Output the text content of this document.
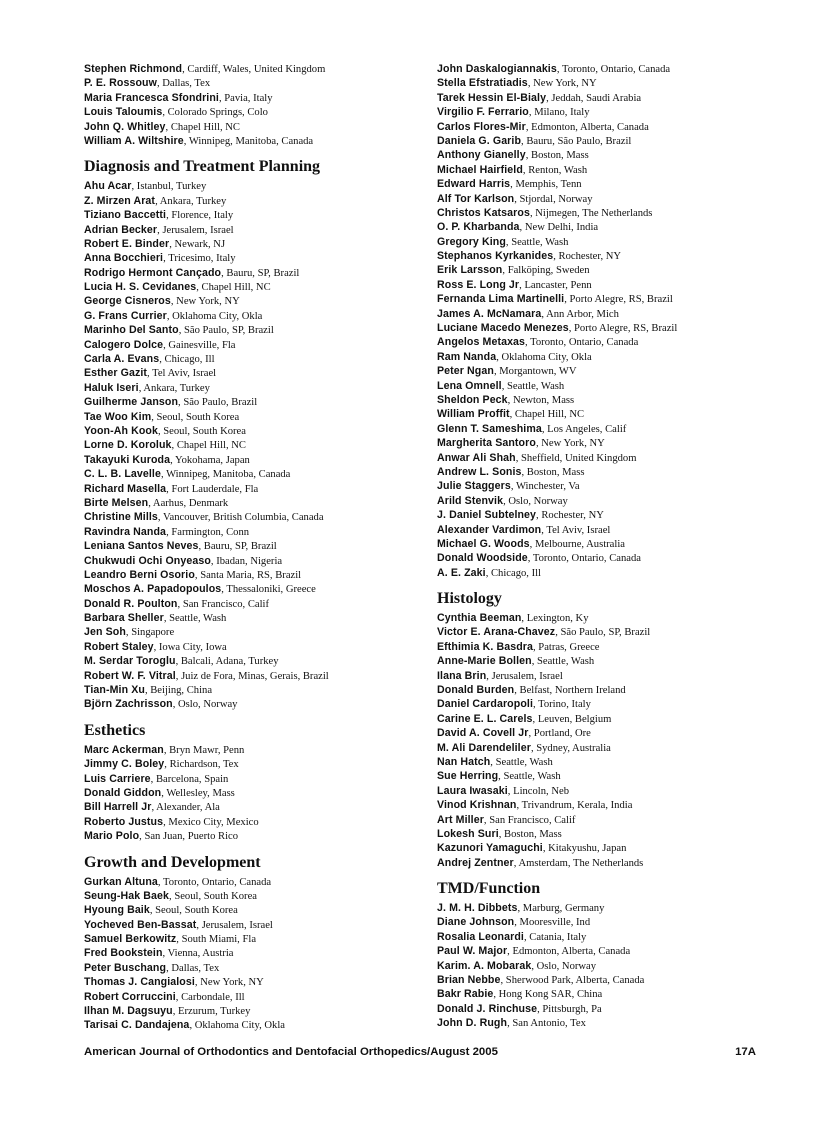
Stephen Richmond, Cardiff, Wales, United Kingdom
P. E. Rossouw, Dallas, Tex
Maria Francesca Sfondrini, Pavia, Italy
Louis Taloumis, Colorado Springs, Colo
John Q. Whitley, Chapel Hill, NC
William A. Wiltshire, Winnipeg, Manitoba, Canada
Diagnosis and Treatment Planning
Ahu Acar, Istanbul, Turkey
Z. Mirzen Arat, Ankara, Turkey
Tiziano Baccetti, Florence, Italy
Adrian Becker, Jerusalem, Israel
Robert E. Binder, Newark, NJ
Anna Bocchieri, Tricesimo, Italy
Rodrigo Hermont Cançado, Bauru, SP, Brazil
Lucia H. S. Cevidanes, Chapel Hill, NC
George Cisneros, New York, NY
G. Frans Currier, Oklahoma City, Okla
Marinho Del Santo, São Paulo, SP, Brazil
Calogero Dolce, Gainesville, Fla
Carla A. Evans, Chicago, Ill
Esther Gazit, Tel Aviv, Israel
Haluk Iseri, Ankara, Turkey
Guilherme Janson, São Paulo, Brazil
Tae Woo Kim, Seoul, South Korea
Yoon-Ah Kook, Seoul, South Korea
Lorne D. Koroluk, Chapel Hill, NC
Takayuki Kuroda, Yokohama, Japan
C. L. B. Lavelle, Winnipeg, Manitoba, Canada
Richard Masella, Fort Lauderdale, Fla
Birte Melsen, Aarhus, Denmark
Christine Mills, Vancouver, British Columbia, Canada
Ravindra Nanda, Farmington, Conn
Leniana Santos Neves, Bauru, SP, Brazil
Chukwudi Ochi Onyeaso, Ibadan, Nigeria
Leandro Berni Osorio, Santa Maria, RS, Brazil
Moschos A. Papadopoulos, Thessaloniki, Greece
Donald R. Poulton, San Francisco, Calif
Barbara Sheller, Seattle, Wash
Jen Soh, Singapore
Robert Staley, Iowa City, Iowa
M. Serdar Toroglu, Balcali, Adana, Turkey
Robert W. F. Vitral, Juiz de Fora, Minas, Gerais, Brazil
Tian-Min Xu, Beijing, China
Björn Zachrisson, Oslo, Norway
Esthetics
Marc Ackerman, Bryn Mawr, Penn
Jimmy C. Boley, Richardson, Tex
Luis Carriere, Barcelona, Spain
Donald Giddon, Wellesley, Mass
Bill Harrell Jr, Alexander, Ala
Roberto Justus, Mexico City, Mexico
Mario Polo, San Juan, Puerto Rico
Growth and Development
Gurkan Altuna, Toronto, Ontario, Canada
Seung-Hak Baek, Seoul, South Korea
Hyoung Baik, Seoul, South Korea
Yocheved Ben-Bassat, Jerusalem, Israel
Samuel Berkowitz, South Miami, Fla
Fred Bookstein, Vienna, Austria
Peter Buschang, Dallas, Tex
Thomas J. Cangialosi, New York, NY
Robert Corruccini, Carbondale, Ill
Ilhan M. Dagsuyu, Erzurum, Turkey
Tarisai C. Dandajena, Oklahoma City, Okla
John Daskalogiannakis, Toronto, Ontario, Canada
Stella Efstratiadis, New York, NY
Tarek Hessin El-Bialy, Jeddah, Saudi Arabia
Virgilio F. Ferrario, Milano, Italy
Carlos Flores-Mir, Edmonton, Alberta, Canada
Daniela G. Garib, Bauru, São Paulo, Brazil
Anthony Gianelly, Boston, Mass
Michael Hairfield, Renton, Wash
Edward Harris, Memphis, Tenn
Alf Tor Karlson, Stjordal, Norway
Christos Katsaros, Nijmegen, The Netherlands
O. P. Kharbanda, New Delhi, India
Gregory King, Seattle, Wash
Stephanos Kyrkanides, Rochester, NY
Erik Larsson, Falköping, Sweden
Ross E. Long Jr, Lancaster, Penn
Fernanda Lima Martinelli, Porto Alegre, RS, Brazil
James A. McNamara, Ann Arbor, Mich
Luciane Macedo Menezes, Porto Alegre, RS, Brazil
Angelos Metaxas, Toronto, Ontario, Canada
Ram Nanda, Oklahoma City, Okla
Peter Ngan, Morgantown, WV
Lena Omnell, Seattle, Wash
Sheldon Peck, Newton, Mass
William Proffit, Chapel Hill, NC
Glenn T. Sameshima, Los Angeles, Calif
Margherita Santoro, New York, NY
Anwar Ali Shah, Sheffield, United Kingdom
Andrew L. Sonis, Boston, Mass
Julie Staggers, Winchester, Va
Arild Stenvik, Oslo, Norway
J. Daniel Subtelney, Rochester, NY
Alexander Vardimon, Tel Aviv, Israel
Michael G. Woods, Melbourne, Australia
Donald Woodside, Toronto, Ontario, Canada
A. E. Zaki, Chicago, Ill
Histology
Cynthia Beeman, Lexington, Ky
Victor E. Arana-Chavez, São Paulo, SP, Brazil
Efthimia K. Basdra, Patras, Greece
Anne-Marie Bollen, Seattle, Wash
Ilana Brin, Jerusalem, Israel
Donald Burden, Belfast, Northern Ireland
Daniel Cardaropoli, Torino, Italy
Carine E. L. Carels, Leuven, Belgium
David A. Covell Jr, Portland, Ore
M. Ali Darendeliler, Sydney, Australia
Nan Hatch, Seattle, Wash
Sue Herring, Seattle, Wash
Laura Iwasaki, Lincoln, Neb
Vinod Krishnan, Trivandrum, Kerala, India
Art Miller, San Francisco, Calif
Lokesh Suri, Boston, Mass
Kazunori Yamaguchi, Kitakyushu, Japan
Andrej Zentner, Amsterdam, The Netherlands
TMD/Function
J. M. H. Dibbets, Marburg, Germany
Diane Johnson, Mooresville, Ind
Rosalia Leonardi, Catania, Italy
Paul W. Major, Edmonton, Alberta, Canada
Karim. A. Mobarak, Oslo, Norway
Brian Nebbe, Sherwood Park, Alberta, Canada
Bakr Rabie, Hong Kong SAR, China
Donald J. Rinchuse, Pittsburgh, Pa
John D. Rugh, San Antonio, Tex
American Journal of Orthodontics and Dentofacial Orthopedics/August 2005	17A
